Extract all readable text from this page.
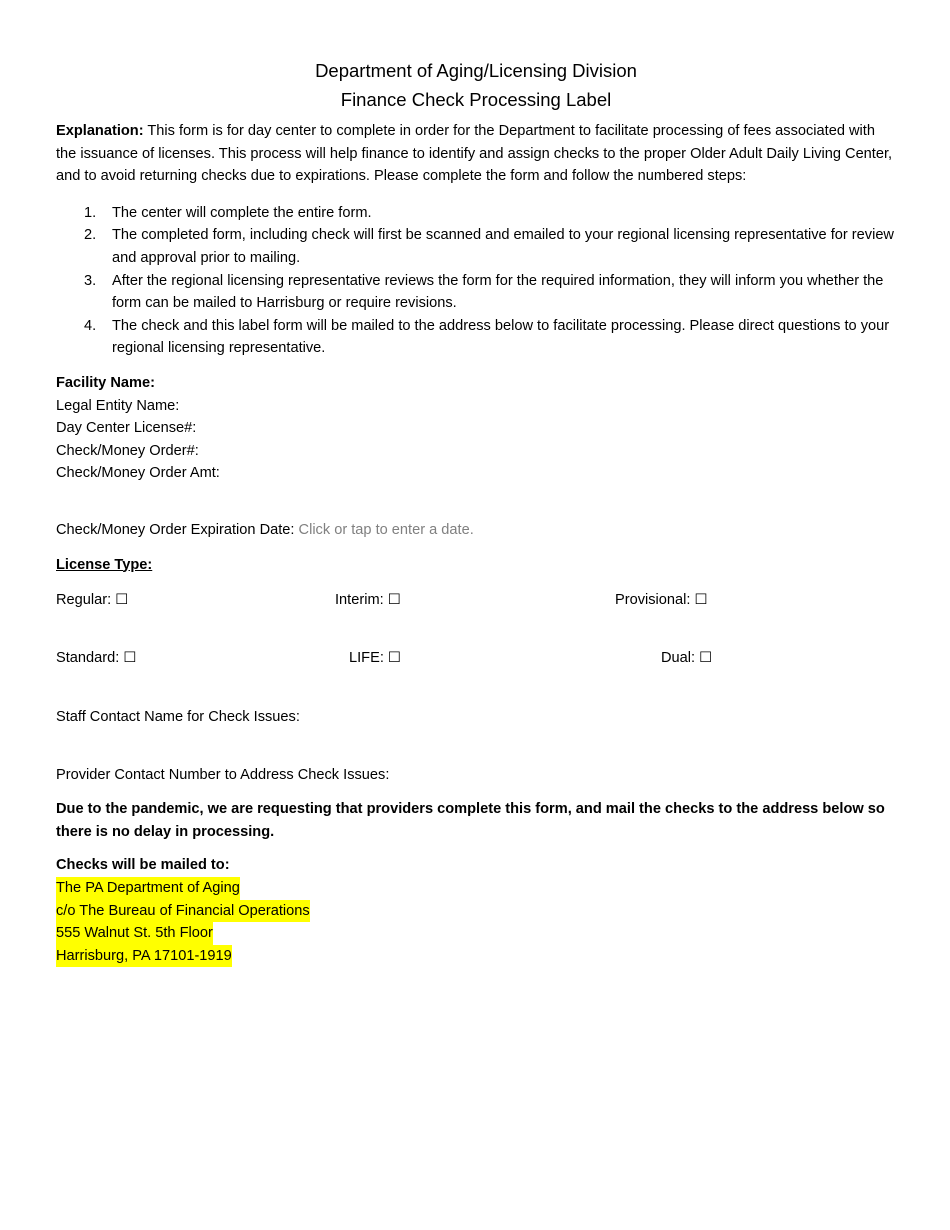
Department of Aging/Licensing Division
Finance Check Processing Label
Explanation: This form is for day center to complete in order for the Department to facilitate processing of fees associated with the issuance of licenses. This process will help finance to identify and assign checks to the proper Older Adult Daily Living Center, and to avoid returning checks due to expirations. Please complete the form and follow the numbered steps:
1. The center will complete the entire form.
2. The completed form, including check will first be scanned and emailed to your regional licensing representative for review and approval prior to mailing.
3. After the regional licensing representative reviews the form for the required information, they will inform you whether the form can be mailed to Harrisburg or require revisions.
4. The check and this label form will be mailed to the address below to facilitate processing. Please direct questions to your regional licensing representative.
Facility Name:
Legal Entity Name:
Day Center License#:
Check/Money Order#:
Check/Money Order Amt:
Check/Money Order Expiration Date: Click or tap to enter a date.
License Type:
Regular: ☐	Interim: ☐	Provisional: ☐
Standard: ☐	LIFE: ☐	Dual: ☐
Staff Contact Name for Check Issues:
Provider Contact Number to Address Check Issues:
Due to the pandemic, we are requesting that providers complete this form, and mail the checks to the address below so there is no delay in processing.
Checks will be mailed to:
The PA Department of Aging
c/o The Bureau of Financial Operations
555 Walnut St. 5th Floor
Harrisburg, PA 17101-1919
